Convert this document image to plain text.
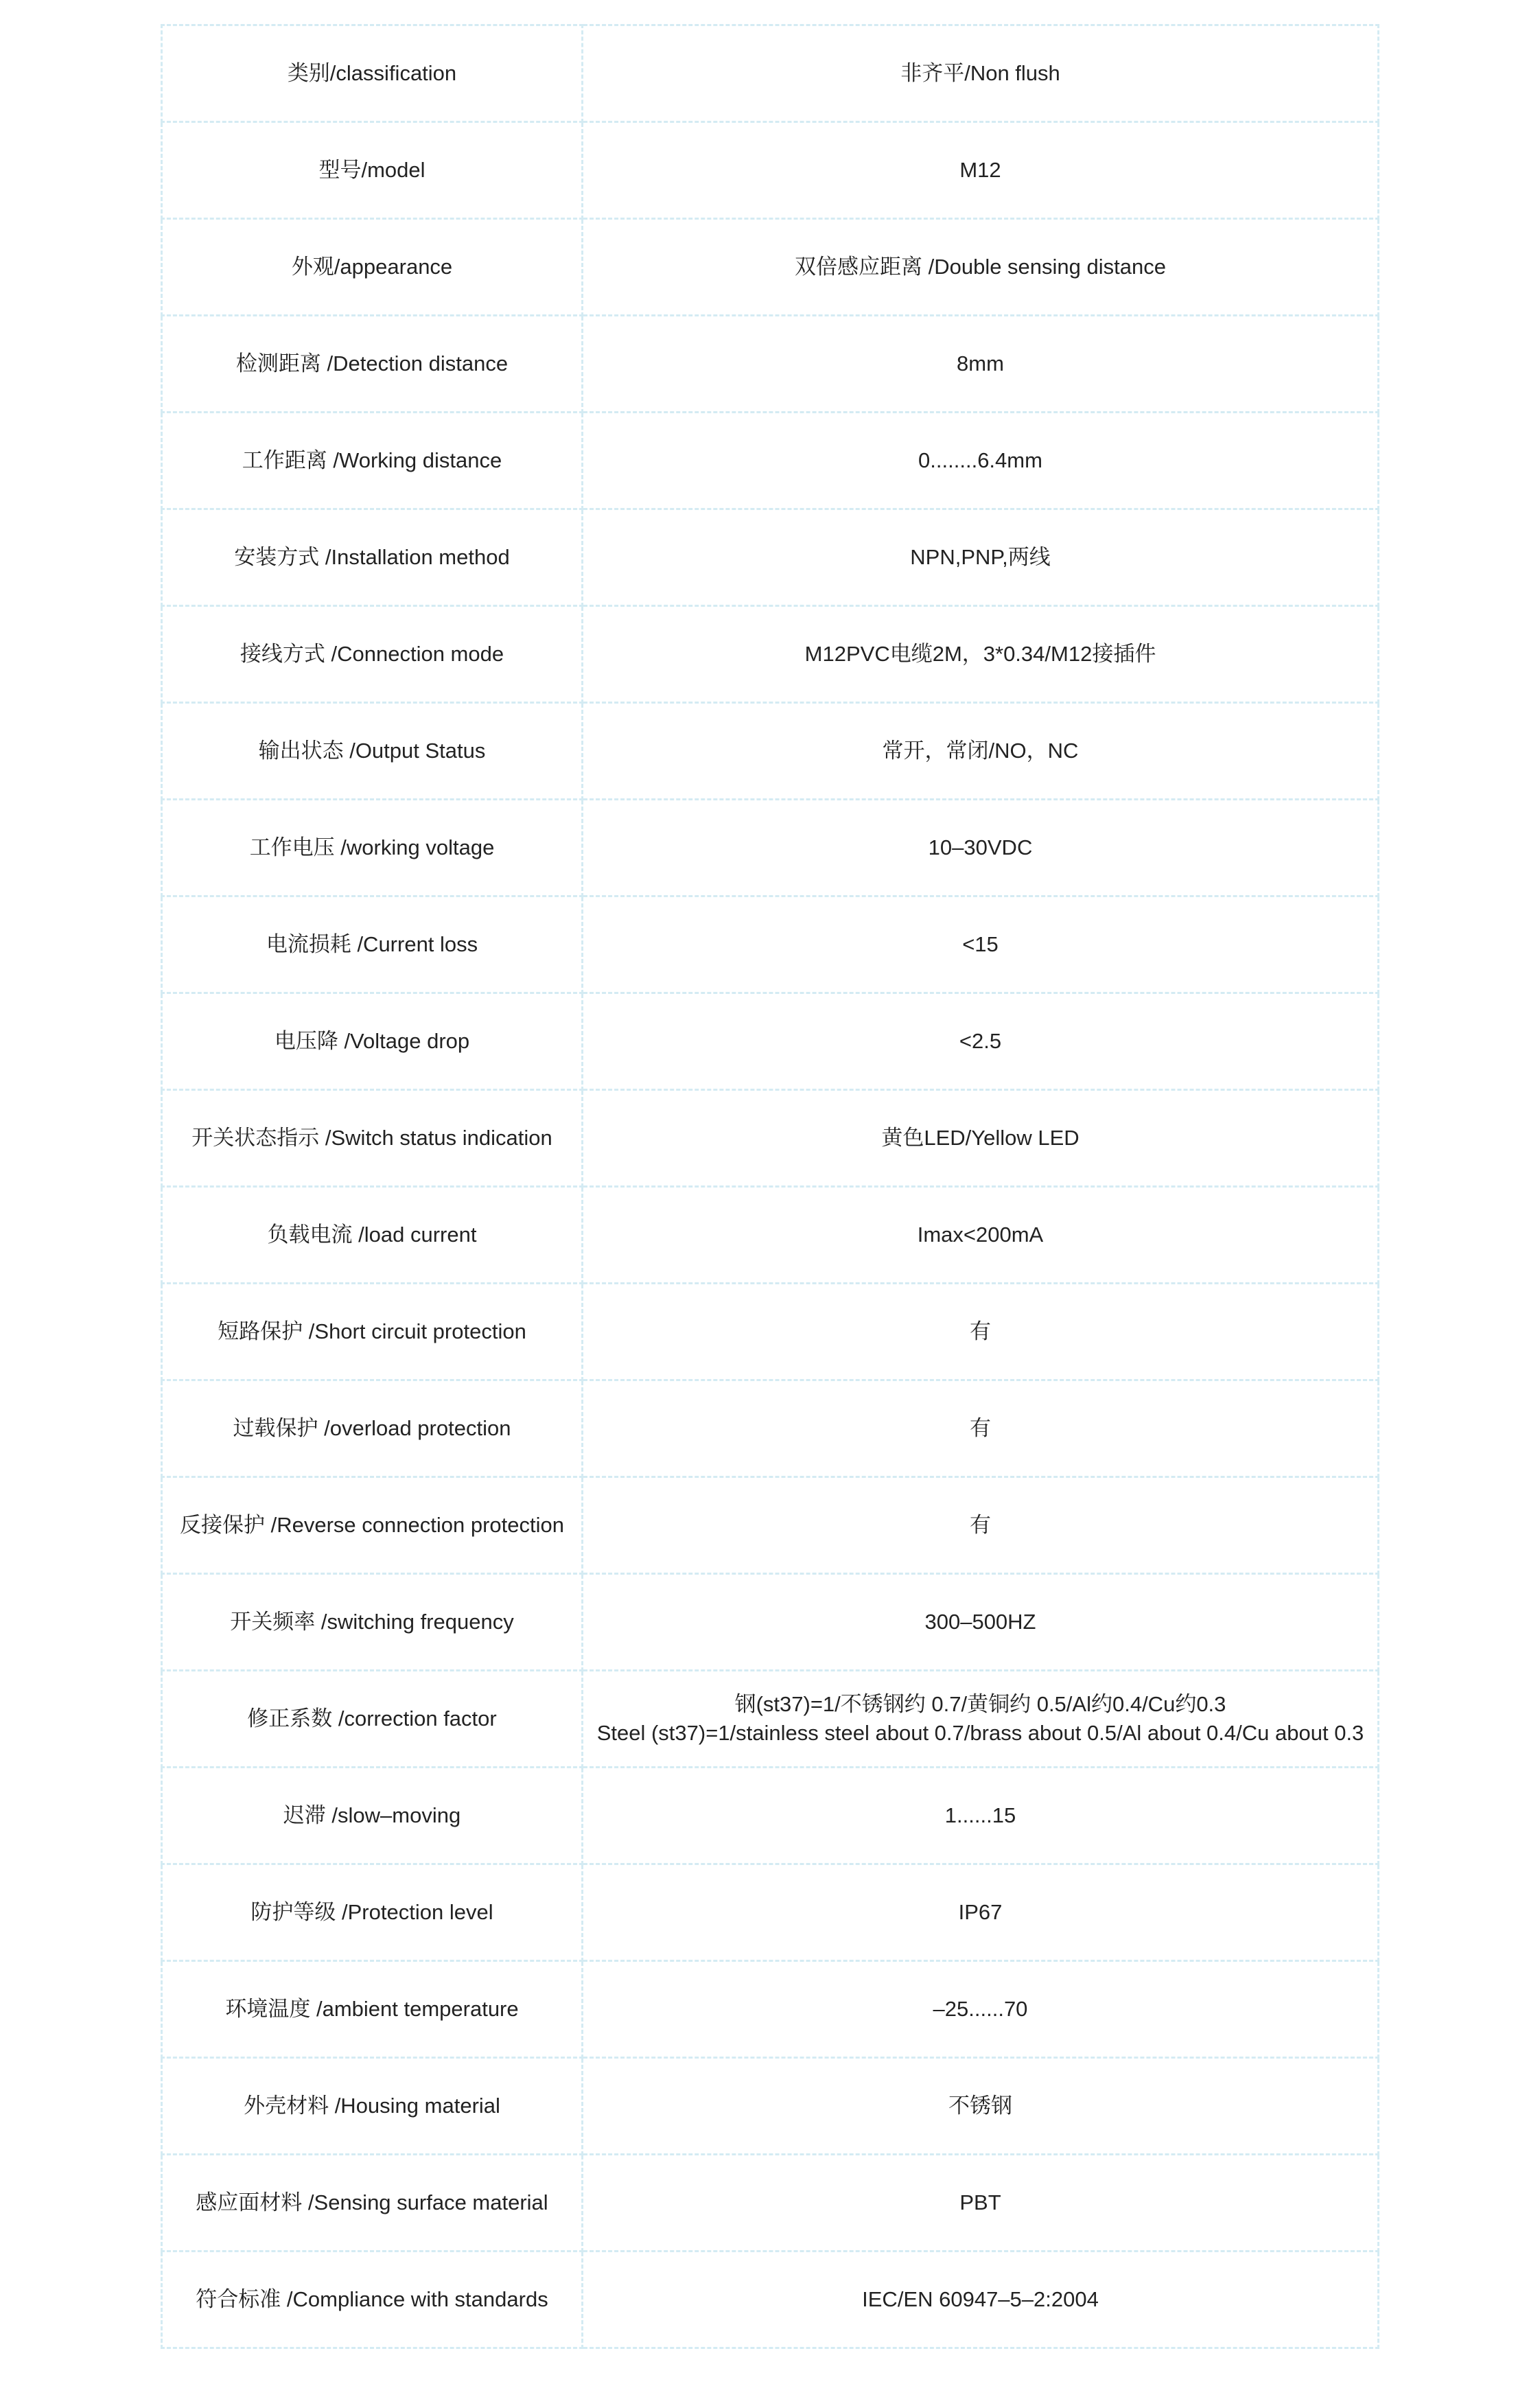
类别/classification	非齐平/Non flush
型号/model	M12
外观/appearance	双倍感应距离 /Double sensing distance
检测距离 /Detection distance	8mm
工作距离 /Working distance	0........6.4mm
安装方式 /Installation method	NPN,PNP,两线
接线方式 /Connection mode	M12PVC电缆2M，3*0.34/M12接插件
输出状态 /Output Status	常开，常闭/NO，NC
工作电压 /working voltage	10–30VDC
电流损耗 /Current loss	<15
电压降 /Voltage drop	<2.5
开关状态指示 /Switch status indication	黄色LED/Yellow LED
负载电流 /load current	Imax<200mA
短路保护 /Short circuit protection	有
过载保护 /overload protection	有
反接保护 /Reverse connection protection	有
开关频率 /switching frequency	300–500HZ
修正系数 /correction factor	钢(st37)=1/不锈钢约 0.7/黄铜约 0.5/Al约0.4/Cu约0.3
Steel (st37)=1/stainless steel about 0.7/brass about 0.5/Al about 0.4/Cu about 0.3
迟滞 /slow–moving	1......15
防护等级 /Protection level	IP67
环境温度 /ambient temperature	–25......70
外壳材料 /Housing material	不锈钢
感应面材料 /Sensing surface material	PBT
符合标准 /Compliance with standards	IEC/EN 60947–5–2:2004
